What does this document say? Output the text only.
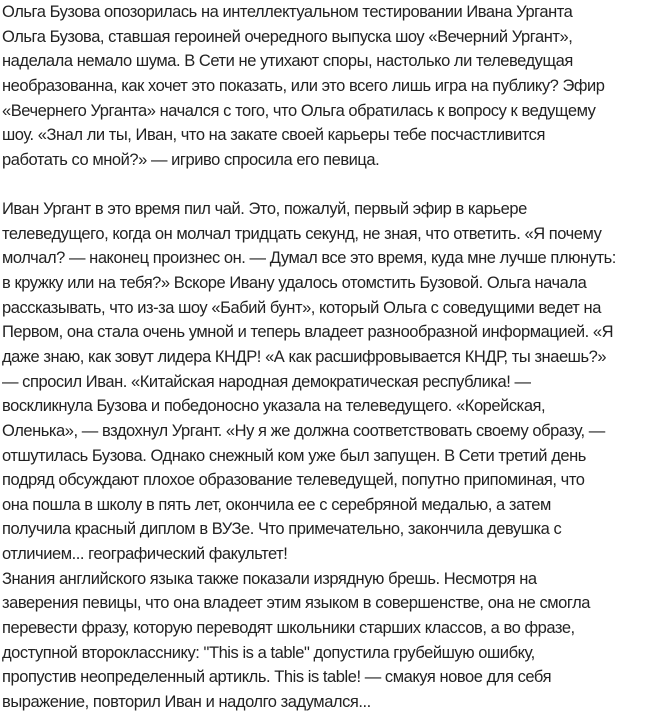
Ольга Бузова опозорилась на интеллектуальном тестировании Ивана Урганта
Ольга Бузова, ставшая героиней очередного выпуска шоу «Вечерний Ургант»,
наделала немало шума. В Сети не утихают споры, настолько ли телеведущая
необразованна, как хочет это показать, или это всего лишь игра на публику? Эфир
«Вечернего Урганта» начался с того, что Ольга обратилась к вопросу к ведущему
шоу. «Знал ли ты, Иван, что на закате своей карьеры тебе посчастливится
работать со мной?» — игриво спросила его певица.
Иван Ургант в это время пил чай. Это, пожалуй, первый эфир в карьере
телеведущего, когда он молчал тридцать секунд, не зная, что ответить. «Я почему
молчал? — наконец произнес он. — Думал все это время, куда мне лучше плюнуть:
в кружку или на тебя?» Вскоре Ивану удалось отомстить Бузовой. Ольга начала
рассказывать, что из-за шоу «Бабий бунт», который Ольга с соведущими ведет на
Первом, она стала очень умной и теперь владеет разнообразной информацией. «Я
даже знаю, как зовут лидера КНДР! «А как расшифровывается КНДР, ты знаешь?»
— спросил Иван. «Китайская народная демократическая республика! —
воскликнула Бузова и победоносно указала на телеведущего. «Корейская,
Оленька», — вздохнул Ургант. «Ну я же должна соответствовать своему образу, —
отшутилась Бузова. Однако снежный ком уже был запущен. В Сети третий день
подряд обсуждают плохое образование телеведущей, попутно припоминая, что
она пошла в школу в пять лет, окончила ее с серебряной медалью, а затем
получила красный диплом в ВУЗе. Что примечательно, закончила девушка с
отличием... географический факультет!
Знания английского языка также показали изрядную брешь. Несмотря на
заверения певицы, что она владеет этим языком в совершенстве, она не смогла
перевести фразу, которую переводят школьники старших классов, а во фразе,
доступной второкласснику: "This is a table" допустила грубейшую ошибку,
пропустив неопределенный артикль. This is table! — смакуя новое для себя
выражение, повторил Иван и надолго задумался...
